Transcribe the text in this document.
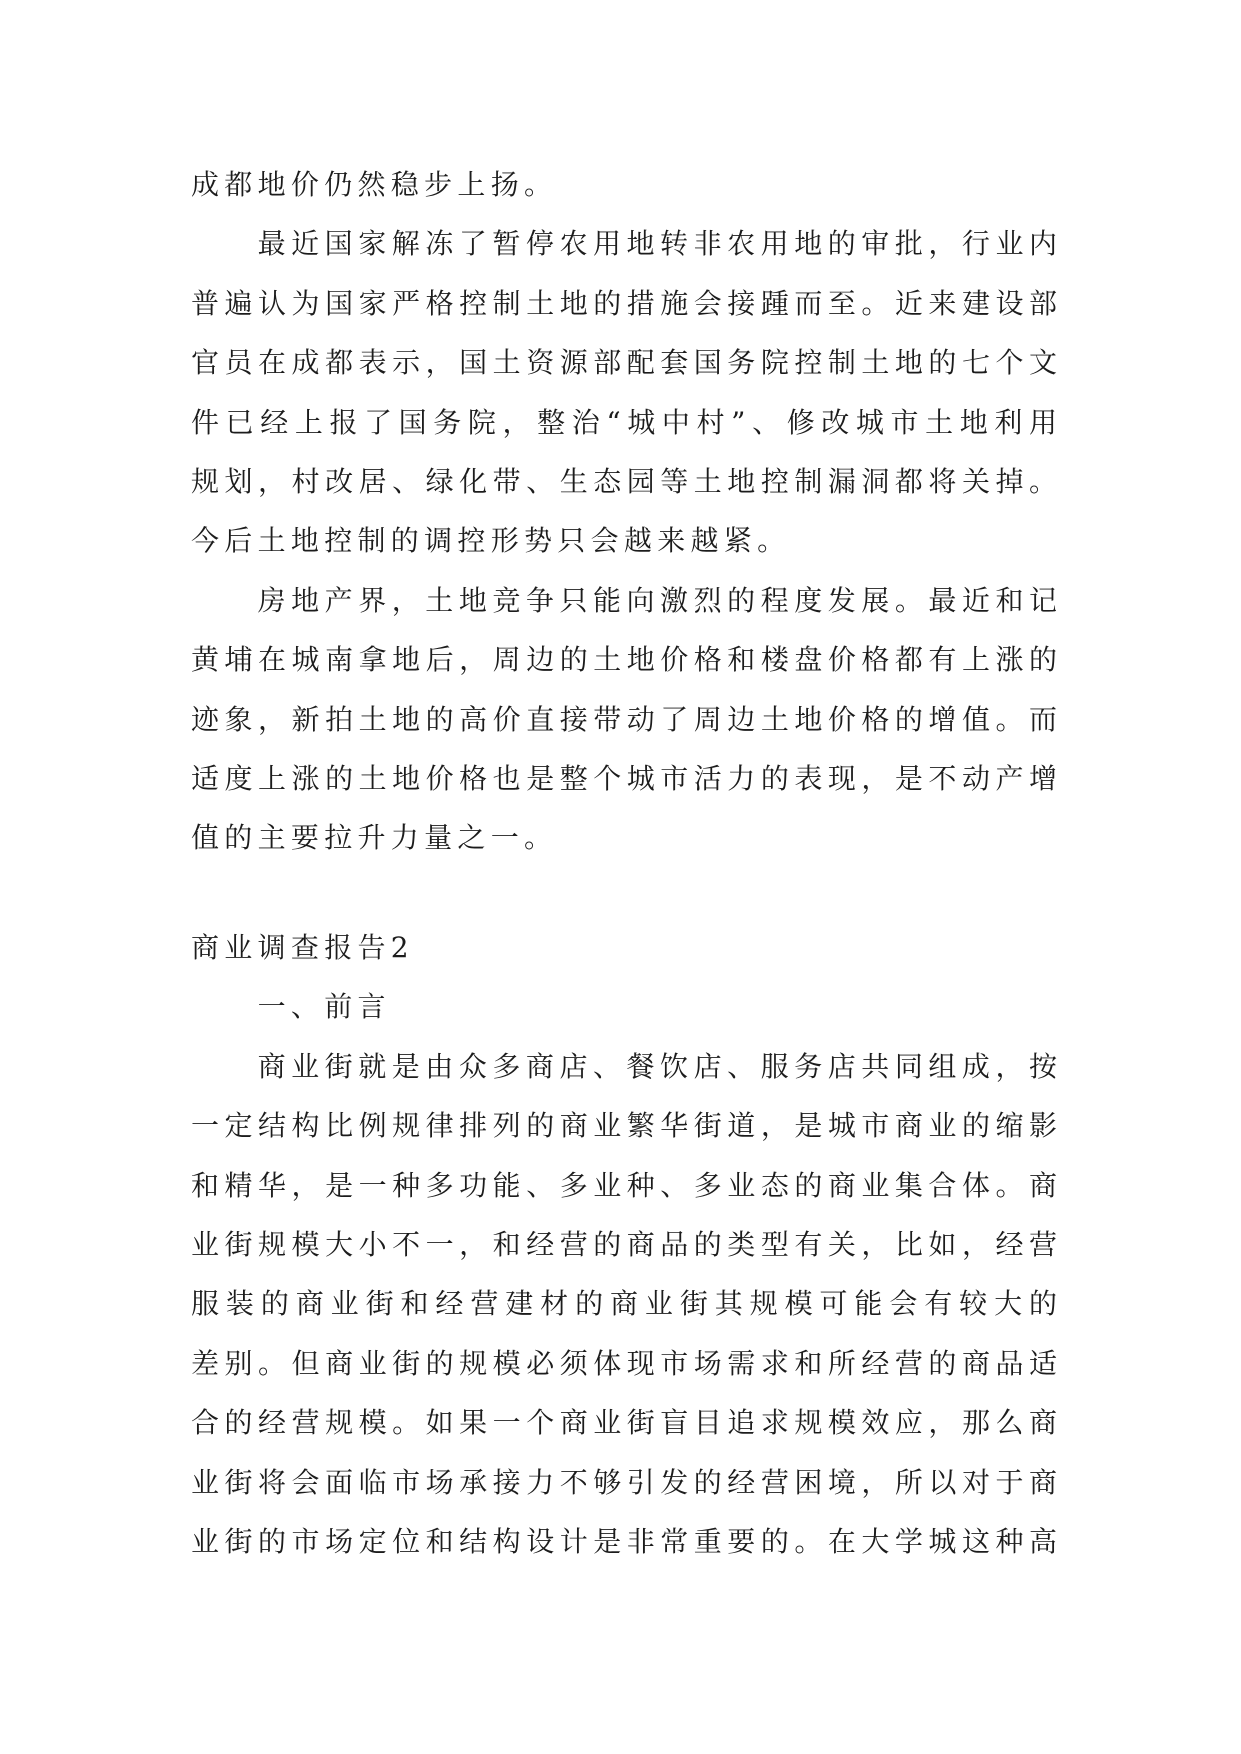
成都地价仍然稳步上扬。
最近国家解冻了暂停农用地转非农用地的审批，行业内
普遍认为国家严格控制土地的措施会接踵而至。近来建设部
官员在成都表示，国土资源部配套国务院控制土地的七个文
件已经上报了国务院，整治“城中村”、修改城市土地利用
规划，村改居、绿化带、生态园等土地控制漏洞都将关掉。
今后土地控制的调控形势只会越来越紧。
房地产界，土地竞争只能向激烈的程度发展。最近和记
黄埔在城南拿地后，周边的土地价格和楼盘价格都有上涨的
迹象，新拍土地的高价直接带动了周边土地价格的增值。而
适度上涨的土地价格也是整个城市活力的表现，是不动产增
值的主要拉升力量之一。
商业调查报告2
一、前言
商业街就是由众多商店、餐饮店、服务店共同组成，按
一定结构比例规律排列的商业繁华街道，是城市商业的缩影
和精华，是一种多功能、多业种、多业态的商业集合体。商
业街规模大小不一，和经营的商品的类型有关，比如，经营
服装的商业街和经营建材的商业街其规模可能会有较大的
差别。但商业街的规模必须体现市场需求和所经营的商品适
合的经营规模。如果一个商业街盲目追求规模效应，那么商
业街将会面临市场承接力不够引发的经营困境，所以对于商
业街的市场定位和结构设计是非常重要的。在大学城这种高
